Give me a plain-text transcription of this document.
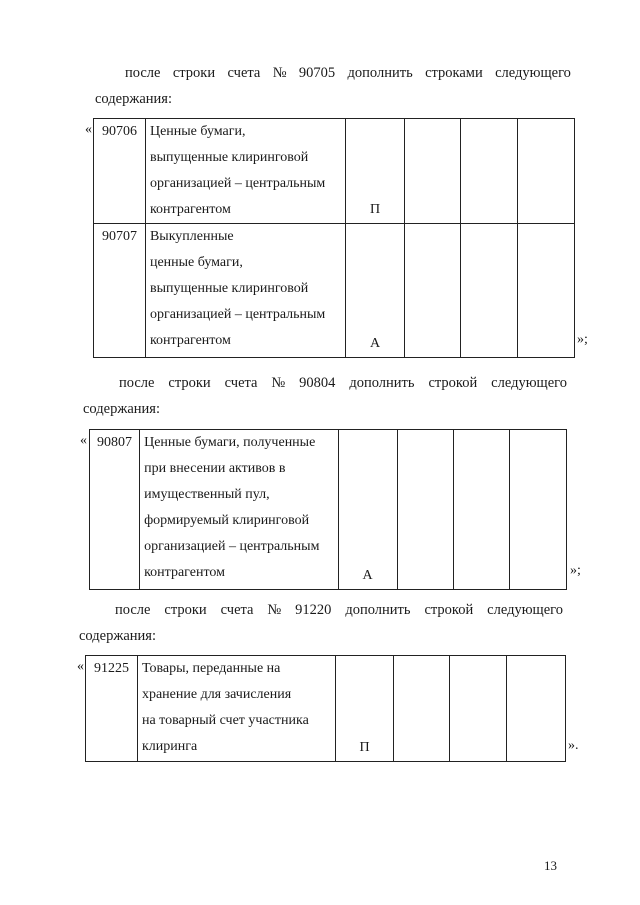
после строки счета № 90705 дополнить строками следующего
содержания:
« 90706	Ценные бумаги,
выпущенные клиринговой
организацией – центральным
контрагентом	П			
90707	Выкупленные
ценные бумаги,
выпущенные клиринговой
организацией – центральным
контрагентом	А				»;
после строки счета № 90804 дополнить строкой следующего
содержания:
« 90807	Ценные бумаги, полученные
при внесении активов в
имущественный пул,
формируемый клиринговой
организацией – центральным
контрагентом	А				»;
после строки счета № 91220 дополнить строкой следующего
содержания:
« 91225	Товары, переданные на
хранение для зачисления
на товарный счет участника
клиринга	П				».
13
